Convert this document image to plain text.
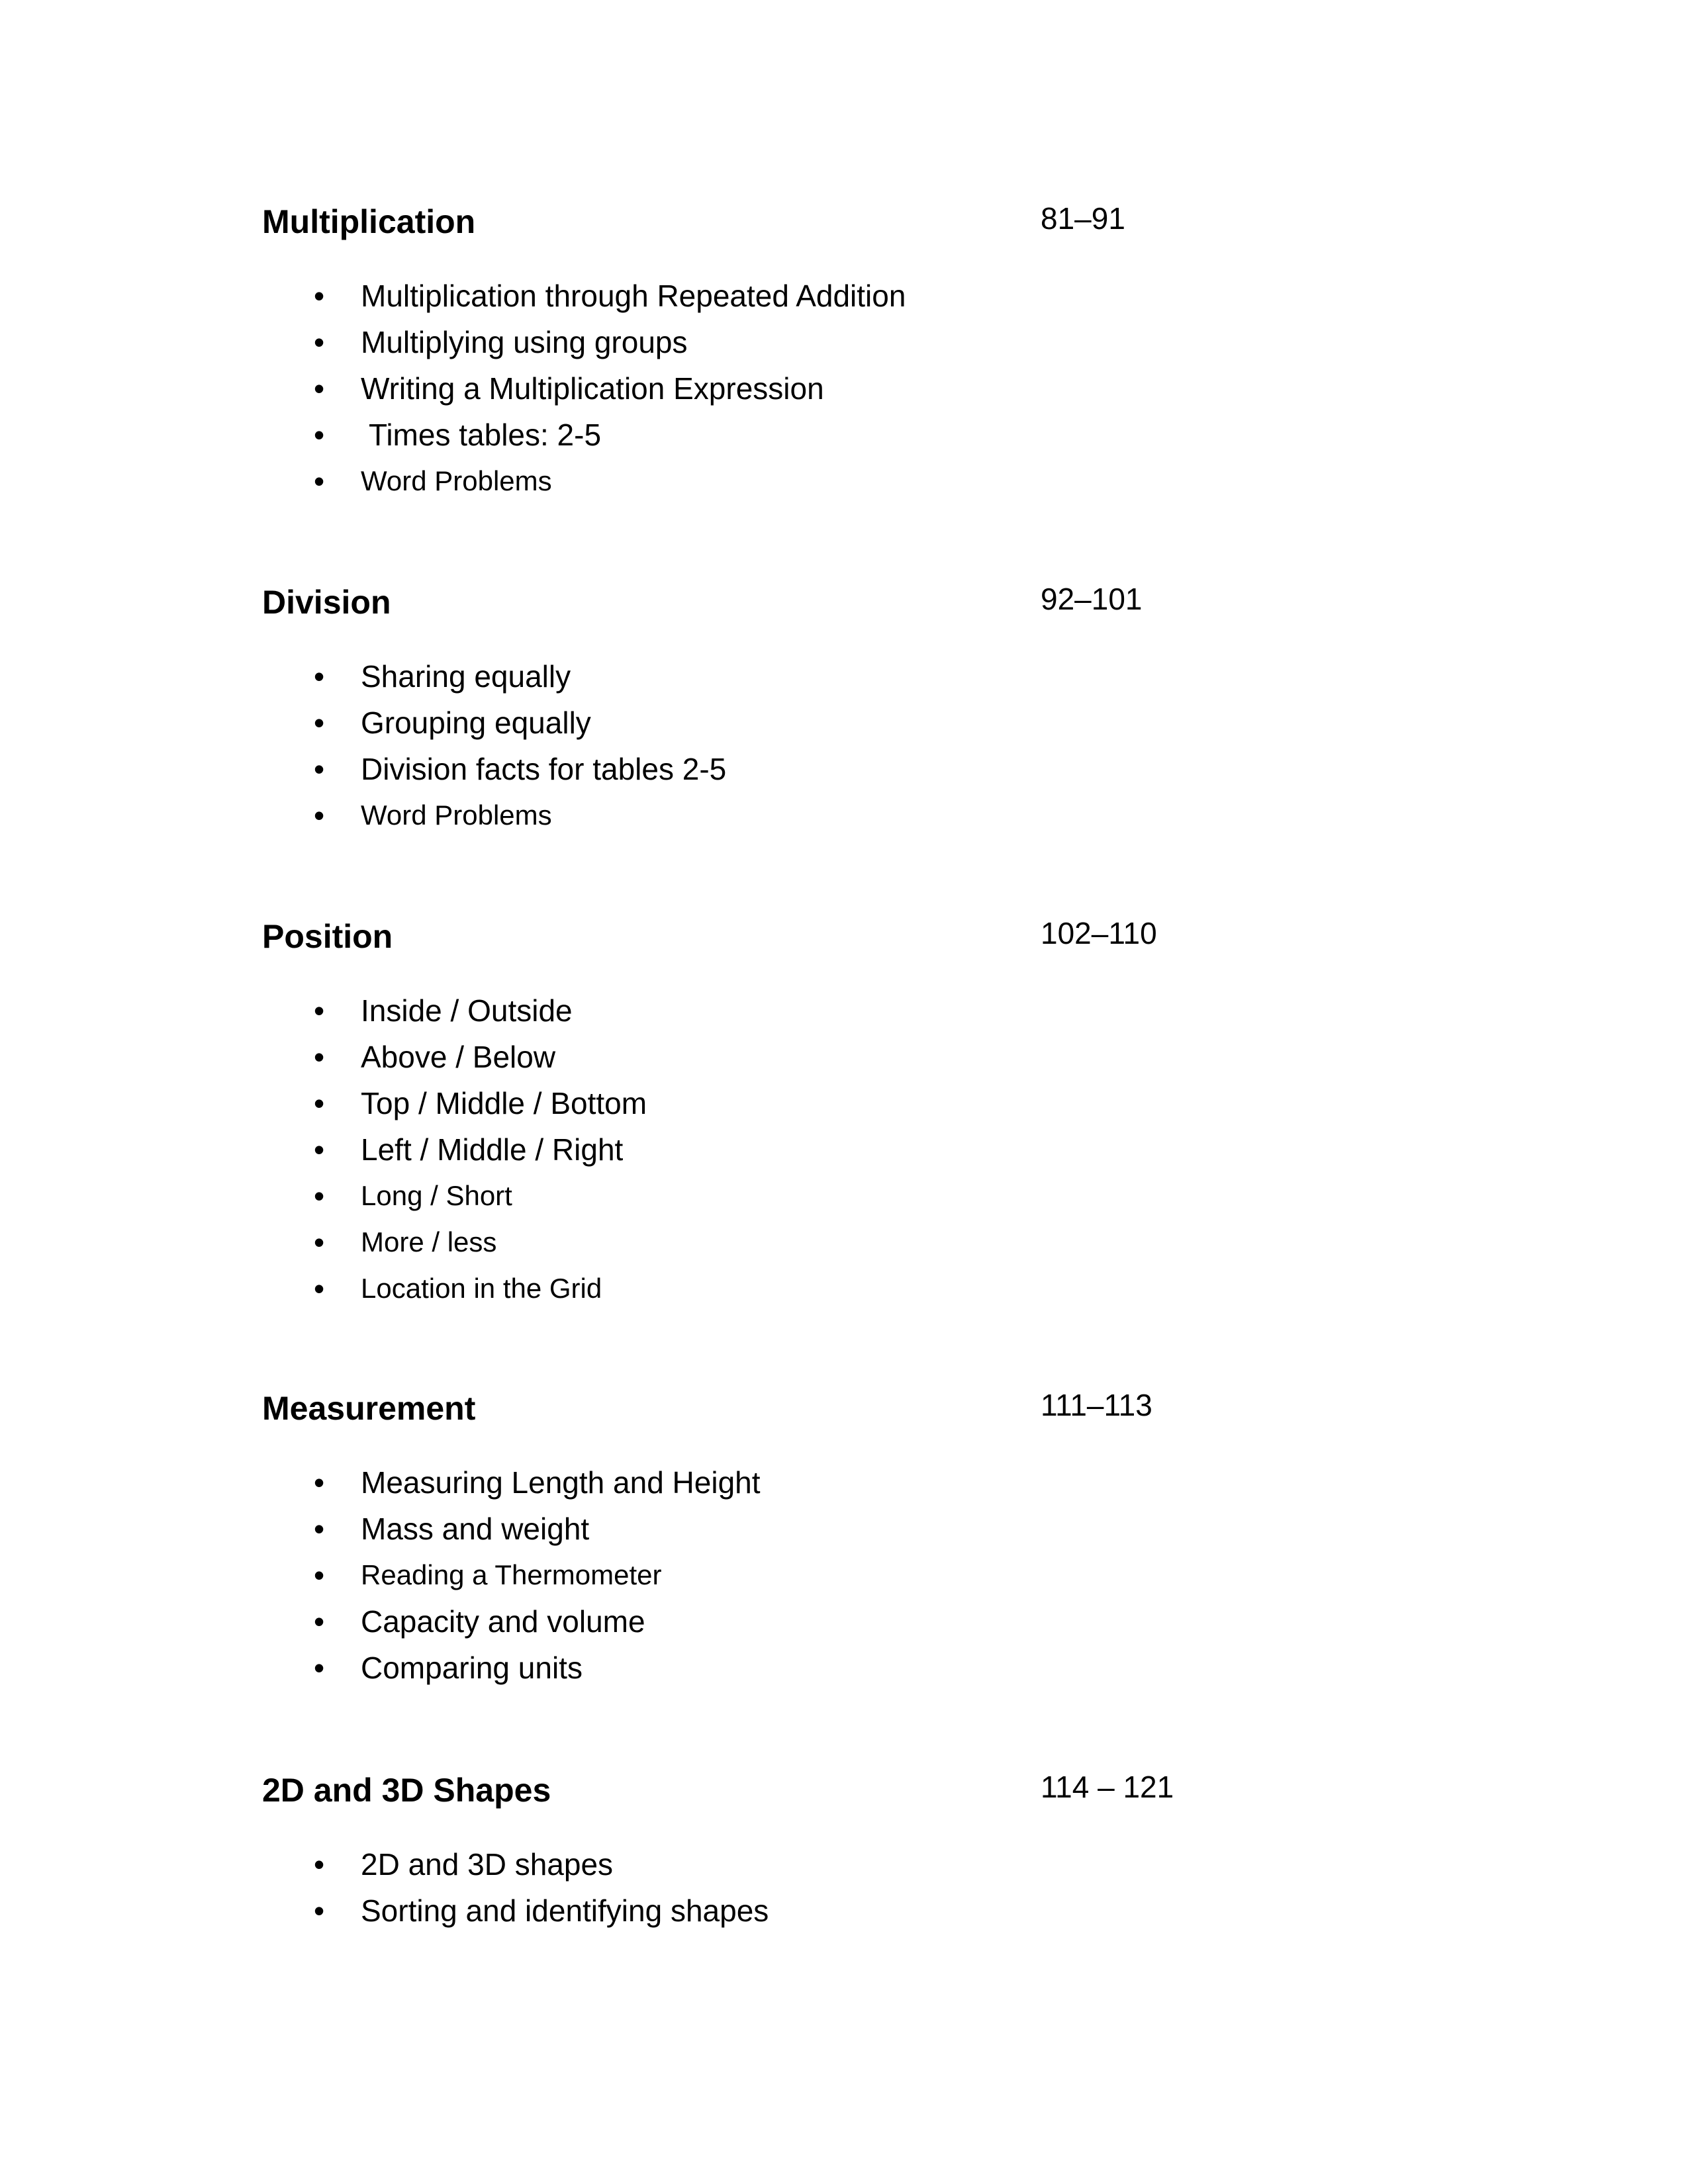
Multiplication	81–91
• Multiplication through Repeated Addition
• Multiplying using groups
• Writing a Multiplication Expression
• Times tables: 2-5
• Word Problems
Division	92–101
• Sharing equally
• Grouping equally
• Division facts for tables 2-5
• Word Problems
Position	102–110
• Inside / Outside
• Above / Below
• Top / Middle / Bottom
• Left / Middle / Right
• Long / Short
• More / less
• Location in the Grid
Measurement	111–113
• Measuring Length and Height
• Mass and weight
• Reading a Thermometer
• Capacity and volume
• Comparing units
2D and 3D Shapes	114 – 121
• 2D and 3D shapes
• Sorting and identifying shapes
